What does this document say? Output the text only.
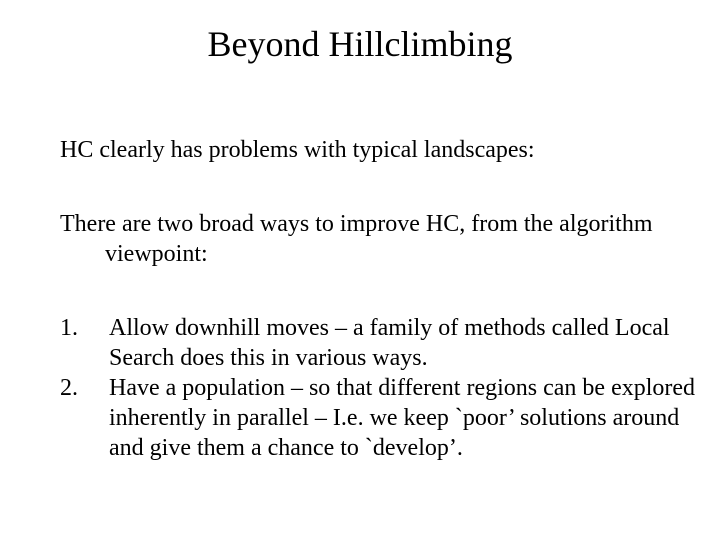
Beyond Hillclimbing
HC clearly has problems with typical landscapes:
There are two broad ways to improve HC, from the algorithm viewpoint:
1.	Allow downhill moves – a family of methods called Local Search does this in various ways.
2.	Have a population – so that different regions can be explored inherently in parallel – I.e. we keep `poor’ solutions around and give them a chance to `develop’.
